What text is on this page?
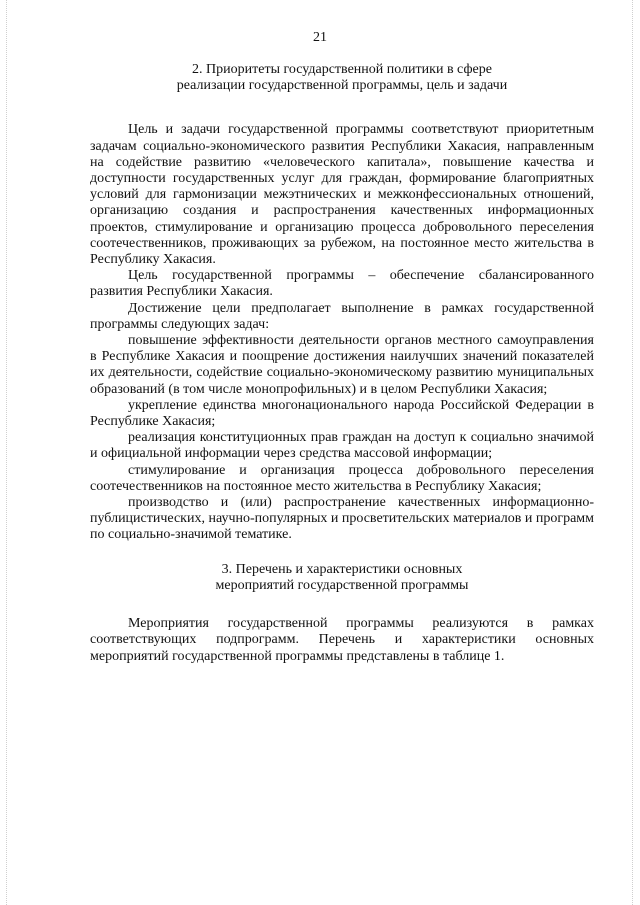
21

2. Приоритеты государственной политики в сфере
реализации государственной программы, цель и задачи

Цель и задачи государственной программы соответствуют приоритетным задачам социально-экономического развития Республики Хакасия, направленным на содействие развитию «человеческого капитала», повышение качества и доступности государственных услуг для граждан, формирование благоприятных условий для гармонизации межэтнических и межконфессиональных отношений, организацию создания и распространения качественных информационных проектов, стимулирование и организацию процесса добровольного переселения соотечественников, проживающих за рубежом, на постоянное место жительства в Республику Хакасия.

Цель государственной программы – обеспечение сбалансированного развития Республики Хакасия.

Достижение цели предполагает выполнение в рамках государственной программы следующих задач:

повышение эффективности деятельности органов местного самоуправления в Республике Хакасия и поощрение достижения наилучших значений показателей их деятельности, содействие социально-экономическому развитию муниципальных образований (в том числе монопрофильных) и в целом Республики Хакасия;

укрепление единства многонационального народа Российской Федерации в Республике Хакасия;

реализация конституционных прав граждан на доступ к социально значимой и официальной информации через средства массовой информации;

стимулирование и организация процесса добровольного переселения соотечественников на постоянное место жительства в Республику Хакасия;

производство и (или) распространение качественных информационно-публицистических, научно-популярных и просветительских материалов и программ по социально-значимой тематике.

3. Перечень и характеристики основных
мероприятий государственной программы

Мероприятия государственной программы реализуются в рамках соответствующих подпрограмм. Перечень и характеристики основных мероприятий государственной программы представлены в таблице 1.
